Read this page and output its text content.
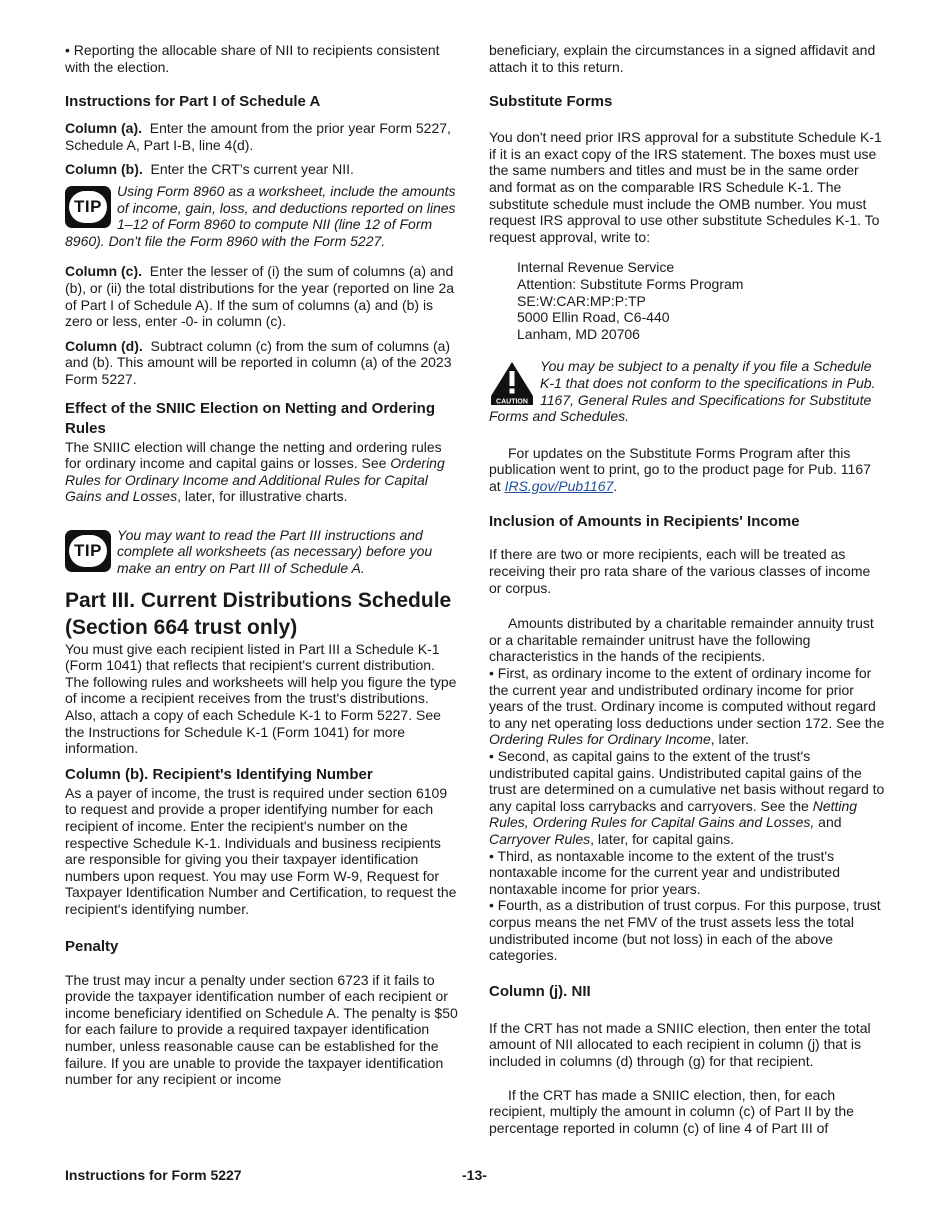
• Reporting the allocable share of NII to recipients consistent with the election.

Instructions for Part I of Schedule A

Column (a). Enter the amount from the prior year Form 5227, Schedule A, Part I-B, line 4(d).

Column (b). Enter the CRT’s current year NII.

TIP

Using Form 8960 as a worksheet, include the amounts of income, gain, loss, and deductions reported on lines 1–12 of Form 8960 to compute NII (line 12 of Form 8960). Don't file the Form 8960 with the Form 5227.

Column (c). Enter the lesser of (i) the sum of columns (a) and (b), or (ii) the total distributions for the year (reported on line 2a of Part I of Schedule A). If the sum of columns (a) and (b) is zero or less, enter -0- in column (c).

Column (d). Subtract column (c) from the sum of columns (a) and (b). This amount will be reported in column (a) of the 2023 Form 5227.

Effect of the SNIIC Election on Netting and Ordering Rules

The SNIIC election will change the netting and ordering rules for ordinary income and capital gains or losses. See Ordering Rules for Ordinary Income and Additional Rules for Capital Gains and Losses, later, for illustrative charts.

TIP

You may want to read the Part III instructions and complete all worksheets (as necessary) before you make an entry on Part III of Schedule A.

Part III. Current Distributions Schedule (Section 664 trust only)

You must give each recipient listed in Part III a Schedule K-1 (Form 1041) that reflects that recipient's current distribution. The following rules and worksheets will help you figure the type of income a recipient receives from the trust's distributions. Also, attach a copy of each Schedule K-1 to Form 5227. See the Instructions for Schedule K-1 (Form 1041) for more information.

Column (b). Recipient's Identifying Number

As a payer of income, the trust is required under section 6109 to request and provide a proper identifying number for each recipient of income. Enter the recipient's number on the respective Schedule K-1. Individuals and business recipients are responsible for giving you their taxpayer identification numbers upon request. You may use Form W-9, Request for Taxpayer Identification Number and Certification, to request the recipient's identifying number.

Penalty

The trust may incur a penalty under section 6723 if it fails to provide the taxpayer identification number of each recipient or income beneficiary identified on Schedule A. The penalty is $50 for each failure to provide a required taxpayer identification number, unless reasonable cause can be established for the failure. If you are unable to provide the taxpayer identification number for any recipient or income

beneficiary, explain the circumstances in a signed affidavit and attach it to this return.

Substitute Forms

You don't need prior IRS approval for a substitute Schedule K-1 if it is an exact copy of the IRS statement. The boxes must use the same numbers and titles and must be in the same order and format as on the comparable IRS Schedule K-1. The substitute schedule must include the OMB number. You must request IRS approval to use other substitute Schedules K-1. To request approval, write to:

Internal Revenue Service

Attention: Substitute Forms Program

SE:W:CAR:MP:P:TP

5000 Ellin Road, C6-440

Lanham, MD 20706

CAUTION

You may be subject to a penalty if you file a Schedule K-1 that does not conform to the specifications in Pub. 1167, General Rules and Specifications for Substitute Forms and Schedules.

For updates on the Substitute Forms Program after this publication went to print, go to the product page for Pub. 1167 at IRS.gov/Pub1167.

Inclusion of Amounts in Recipients' Income

If there are two or more recipients, each will be treated as receiving their pro rata share of the various classes of income or corpus.

Amounts distributed by a charitable remainder annuity trust or a charitable remainder unitrust have the following characteristics in the hands of the recipients.

• First, as ordinary income to the extent of ordinary income for the current year and undistributed ordinary income for prior years of the trust. Ordinary income is computed without regard to any net operating loss deductions under section 172. See the Ordering Rules for Ordinary Income, later.

• Second, as capital gains to the extent of the trust's undistributed capital gains. Undistributed capital gains of the trust are determined on a cumulative net basis without regard to any capital loss carrybacks and carryovers. See the Netting Rules, Ordering Rules for Capital Gains and Losses, and Carryover Rules, later, for capital gains.

• Third, as nontaxable income to the extent of the trust's nontaxable income for the current year and undistributed nontaxable income for prior years.

• Fourth, as a distribution of trust corpus. For this purpose, trust corpus means the net FMV of the trust assets less the total undistributed income (but not loss) in each of the above categories.

Column (j). NII

If the CRT has not made a SNIIC election, then enter the total amount of NII allocated to each recipient in column (j) that is included in columns (d) through (g) for that recipient.

If the CRT has made a SNIIC election, then, for each recipient, multiply the amount in column (c) of Part II by the percentage reported in column (c) of line 4 of Part III of

Instructions for Form 5227	-13-
